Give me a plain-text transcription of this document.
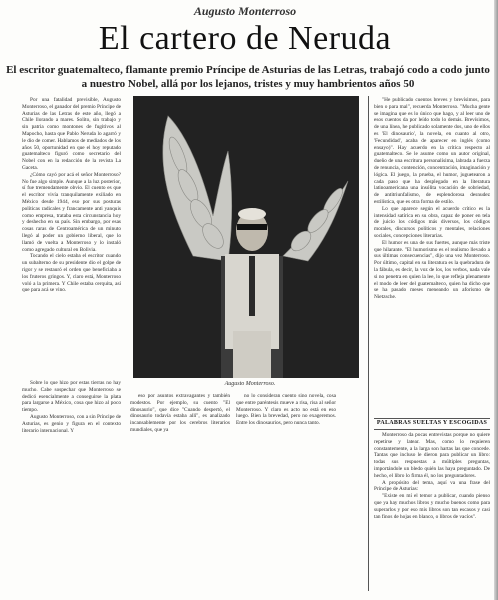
Augusto Monterroso
El cartero de Neruda
El escritor guatemalteco, flamante premio Príncipe de Asturias de las Letras, trabajó codo a codo junto a nuestro Nobel, allá por los lejanos, tristes y muy hambrientos años 50

Por una fatalidad previsible, Augusto Monterroso, el ganador del premio Príncipe de Asturias de las Letras de este año, llegó a Chile llorando a mares. Solito, sin trabajo y sin patria como montones de fugitivos al Mapocho, hasta que Pablo Neruda lo agarró y le dio de comer. Hablamos de mediados de los años 50, oportunidad en que el hoy reputado guatemalteco figuró como secretario del Nobel con en la redacción de la revista La Gaceta.

¿Cómo cayó por acá el señor Monterroso? No fue algo simple. Aunque a la luz posterior, sí fue tremendamente obvio. El cuento es que el escritor vivía tranquilamente exiliado en México desde 1944, eso por sus posturas políticas radicales y francamente anti yanquis como empresa, trataba esta circunstancia hoy y deshecho en su país. Sin embargo, por esas cosas raras de Centroamérica de un minuto llegó al poder un gobierno liberal, que lo llamó de vuelta a Monterroso y lo instaló como agregado cultural en Bolivia.

Tocando el cielo estaba el escritor cuando un subalterno de su presidente dio el golpe de rigor y se restauró el orden que beneficiaba a los fruteros gringos. Y, claro está, Monterroso voló a la primera. Y Chile estaba cerquita, así que para acá se vino.

Sobre lo que hizo por estas tierras no hay mucho. Cabe sospechar que Monterroso se dedicó esencialmente a conseguirse la plata para largarse a México, cosa que hizo al poco tiempo.

Augusto Monterroso, con a sin Príncipe de Asturias, es genio y figura en el contexto literario internacional. Y

Augusto Monterroso.

eso por asuntos extravagantes y también modestos. Por ejemplo, su cuento "El dinosaurio", que dice "Cuando despertó, el dinosaurio todavía estaba allí", es analizado incansablemente por los cerebros literarios mundiales, que ya

no lo consideran cuento sino novela, cosa que entre paréntesis mueve a risa, risa al señor Monterroso. Y claro es acto no está en eso luego. Bien la brevedad, pero no exageremos. Entre los dinosaurios, pero nunca tanto.

"He publicado cuentos breves y brevísimos, para bien o para mal", recuerda Monterroso. "Mucha gente se imagina que es lo único que hago, y al leer uno de esos cuentos da por leído todo lo demás. Brevísimos, de una línea, he publicado solamente dos, uno de ellos es 'El dinosaurio', la novela, en cuanto al otro, 'Fecundidad', acaba de aparecer en inglés (como ensayo)". Hay acuerdo en la crítica respecto al guatemalteco. Se le asume como un autor original, dueño de una escritura personalísima, labrada a fuerza de renuncia, contención, concentración, imaginación y lógica. El juego, la prueba, el humor, juguetearon a cada paso que ha desplegado en la literatura latinoamericana una insólita vocación de sobriedad, de antitriunfalismo, de esplendorosa desnudez estilística, que es otra forma de estilo.

Lo que aparece según el acuerdo crítico es la intensidad satírica en su obra, capaz de poner en tela de juicio los códigos más diversos, los códigos morales, discursos políticos y mentales, relaciones sociales, concepciones literarias.

El humor es una de sus fuertes, aunque más triste que hilarante. "El humorismo es el realismo llevado a sus últimas consecuencias", dijo una vez Monterroso. Por último, capital en su literatura es la quebradura de la fábula, es decir, la voz de los, los verbos, nada vale si no penetra en quien la lee, lo que refleja plenamente el modo de leer del guatemalteco, quien ha dicho que se ha pasado meses meneando un aforismo de Nietzsche.

PALABRAS SUELTAS Y ESCOGIDAS

Monterroso da pocas entrevistas porque no quiere repetirse y latear. Mas, como lo requieren constantemente, a la larga son hartas las que concede. Tantas que incluso le dieron para publicar un libro: todas sus respuestas a múltiples preguntas, importándole un bledo quién las haya preguntado. De hecho, el libro lo firma él, no los preguntadores.

A propósito del tema, aquí va una frase del Príncipe de Asturias:

"Existe en mí el temor a publicar, cuando pienso que ya hay muchos libros y mucho buenos como para superarlos y por eso mis libros son tan escasos y casi tan finos de hojas en blanco, o libros de vacíos".
